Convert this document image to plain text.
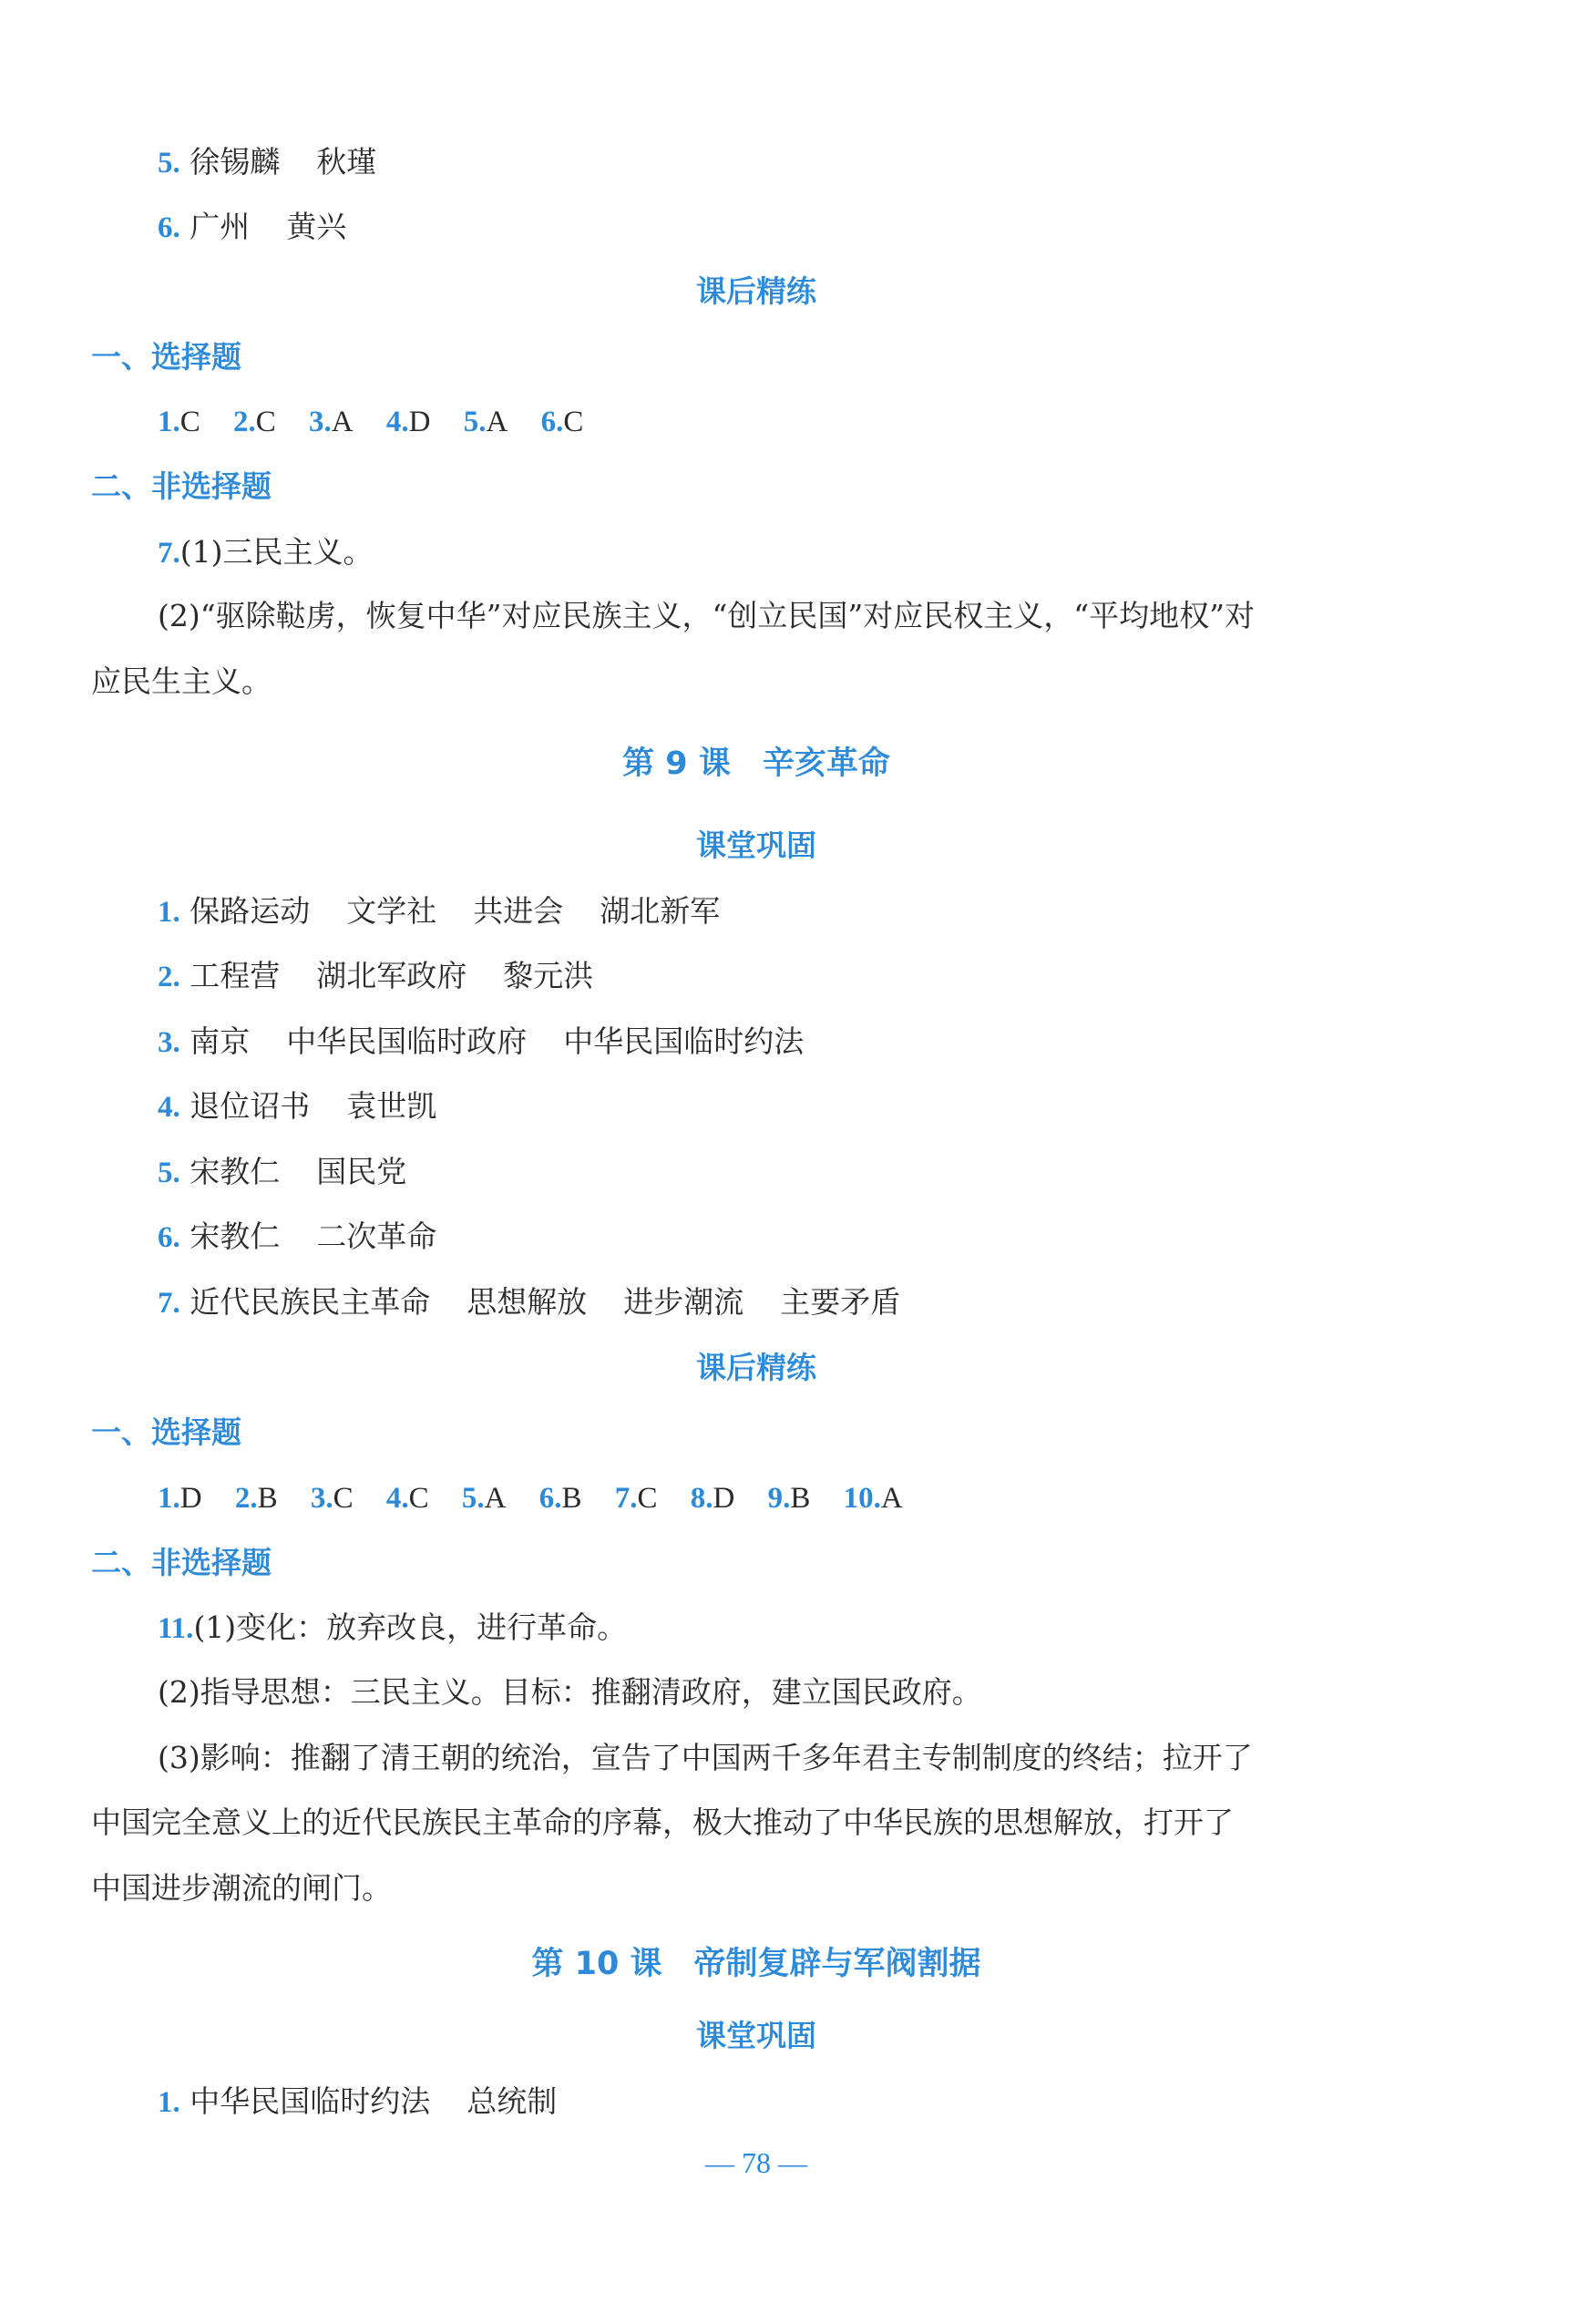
5. 徐锡麟 秋瑾
6. 广州 黄兴
课后精练
一、选择题
1.C 2.C 3.A 4.D 5.A 6.C
二、非选择题
7.(1)三民主义。
(2)“驱除鞑虏，恢复中华”对应民族主义，“创立民国”对应民权主义，“平均地权”对
应民生主义。
第 9 课　辛亥革命
课堂巩固
1. 保路运动 文学社 共进会 湖北新军
2. 工程营 湖北军政府 黎元洪
3. 南京 中华民国临时政府 中华民国临时约法
4. 退位诏书 袁世凯
5. 宋教仁 国民党
6. 宋教仁 二次革命
7. 近代民族民主革命 思想解放 进步潮流 主要矛盾
课后精练
一、选择题
1.D 2.B 3.C 4.C 5.A 6.B 7.C 8.D 9.B 10.A
二、非选择题
11.(1)变化：放弃改良，进行革命。
(2)指导思想：三民主义。目标：推翻清政府，建立国民政府。
(3)影响：推翻了清王朝的统治，宣告了中国两千多年君主专制制度的终结；拉开了
中国完全意义上的近代民族民主革命的序幕，极大推动了中华民族的思想解放，打开了
中国进步潮流的闸门。
第 10 课　帝制复辟与军阀割据
课堂巩固
1. 中华民国临时约法 总统制
— 78 —
